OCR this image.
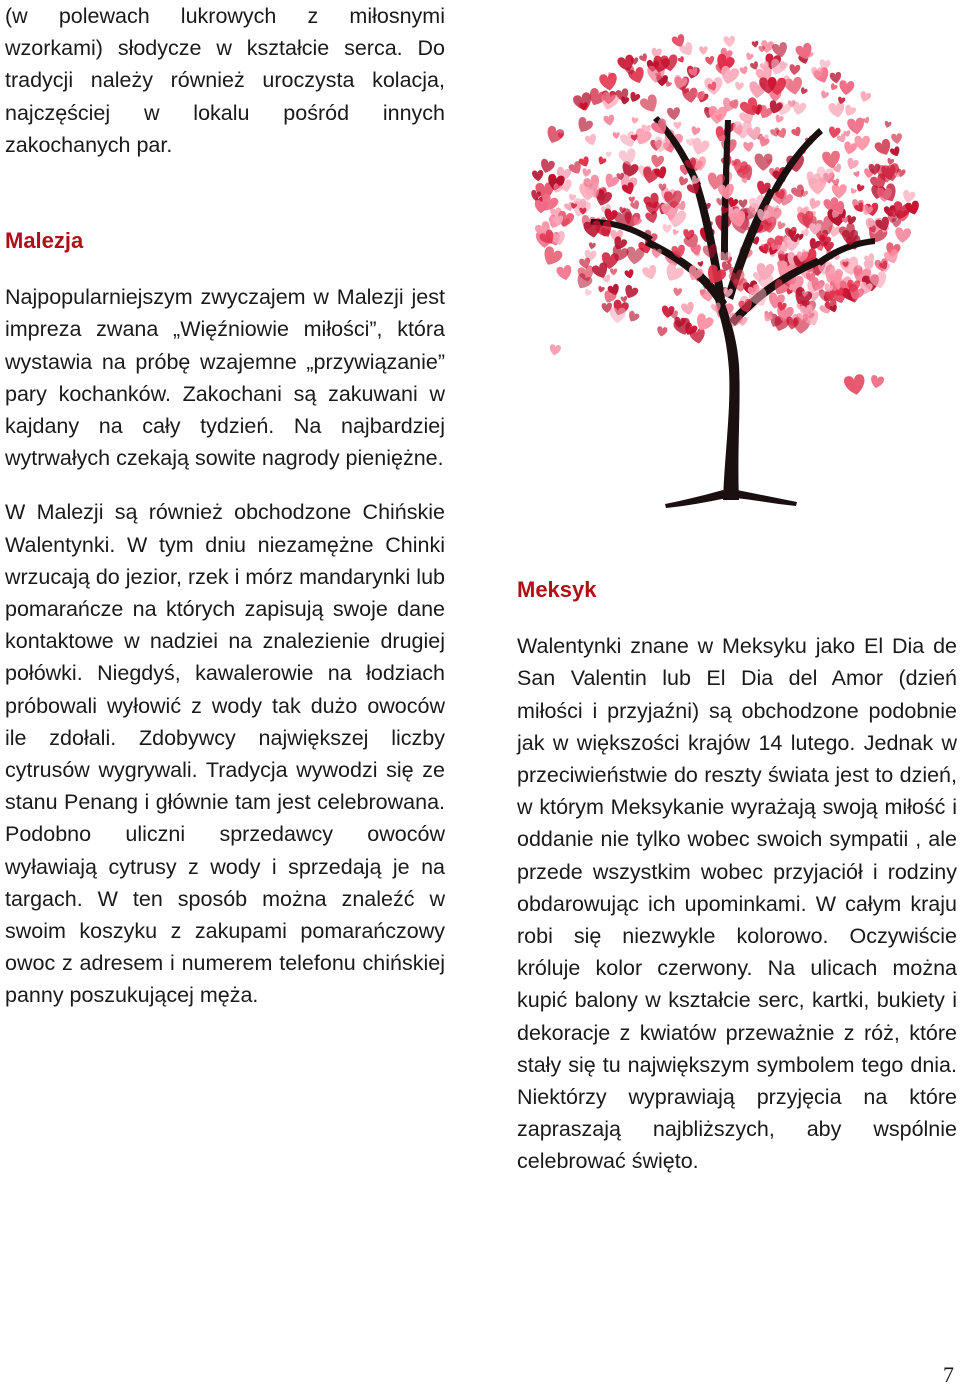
(w polewach lukrowych z miłosnymi wzorkami) słodycze w kształcie serca. Do tradycji należy również uroczysta kolacja, najczęściej w lokalu pośród innych zakochanych par.

Malezja

Najpopularniejszym zwyczajem w Malezji jest impreza zwana „Więźniowie miłości”, która wystawia na próbę wzajemne „przywiązanie” pary kochanków. Zakochani są zakuwani w kajdany na cały tydzień. Na najbardziej wytrwałych czekają sowite nagrody pieniężne.

W Malezji są również obchodzone Chińskie Walentynki. W tym dniu niezamężne Chinki wrzucają do jezior, rzek i mórz mandarynki lub pomarańcze na których zapisują swoje dane kontaktowe w nadziei na znalezienie drugiej połówki. Niegdyś, kawalerowie na łodziach próbowali wyłowić z wody tak dużo owoców ile zdołali. Zdobywcy największej liczby cytrusów wygrywali. Tradycja wywodzi się ze stanu Penang i głównie tam jest celebrowana. Podobno uliczni sprzedawcy owoców wyławiają cytrusy z wody i sprzedają je na targach. W ten sposób można znaleźć w swoim koszyku z zakupami pomarańczowy owoc z adresem i numerem telefonu chińskiej panny poszukującej męża.

Meksyk

Walentynki znane w Meksyku jako El Dia de San Valentin lub El Dia del Amor (dzień miłości i przyjaźni) są obchodzone podobnie jak w większości krajów 14 lutego. Jednak w przeciwieństwie do reszty świata jest to dzień, w którym Meksykanie wyrażają swoją miłość i oddanie nie tylko wobec swoich sympatii , ale przede wszystkim wobec przyjaciół i rodziny obdarowując ich upominkami. W całym kraju robi się niezwykle kolorowo. Oczywiście króluje kolor czerwony. Na ulicach można kupić balony w kształcie serc, kartki, bukiety i dekoracje z kwiatów przeważnie z róż, które stały się tu największym symbolem tego dnia. Niektórzy wyprawiają przyjęcia na które zapraszają najbliższych, aby wspólnie celebrować święto.

7
